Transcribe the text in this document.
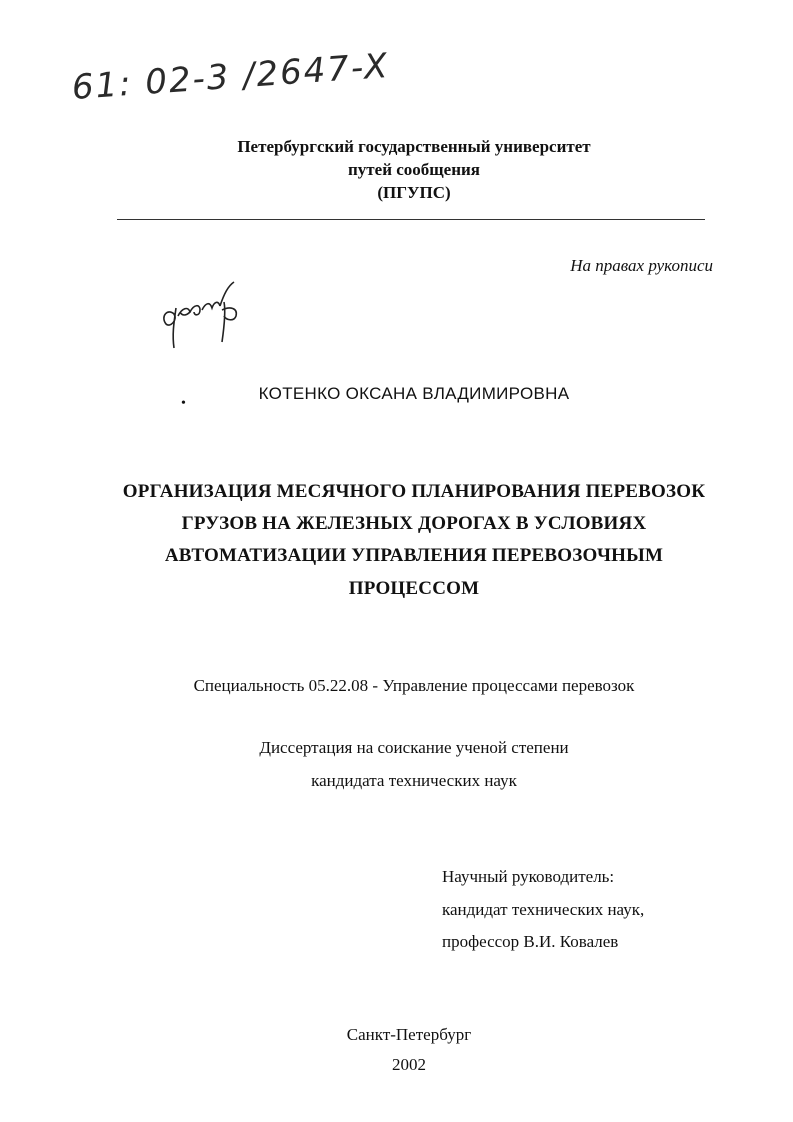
61: 02-3 /2647-X
Петербургский государственный университет
путей сообщения
(ПГУПС)
На правах рукописи
•
КОТЕНКО ОКСАНА ВЛАДИМИРОВНА
ОРГАНИЗАЦИЯ МЕСЯЧНОГО ПЛАНИРОВАНИЯ ПЕРЕВОЗОК
ГРУЗОВ НА ЖЕЛЕЗНЫХ ДОРОГАХ В УСЛОВИЯХ
АВТОМАТИЗАЦИИ УПРАВЛЕНИЯ ПЕРЕВОЗОЧНЫМ
ПРОЦЕССОМ
Специальность 05.22.08 - Управление процессами перевозок
Диссертация на соискание ученой степени
кандидата технических наук
Научный руководитель:
кандидат технических наук,
профессор В.И. Ковалев
Санкт-Петербург
2002
